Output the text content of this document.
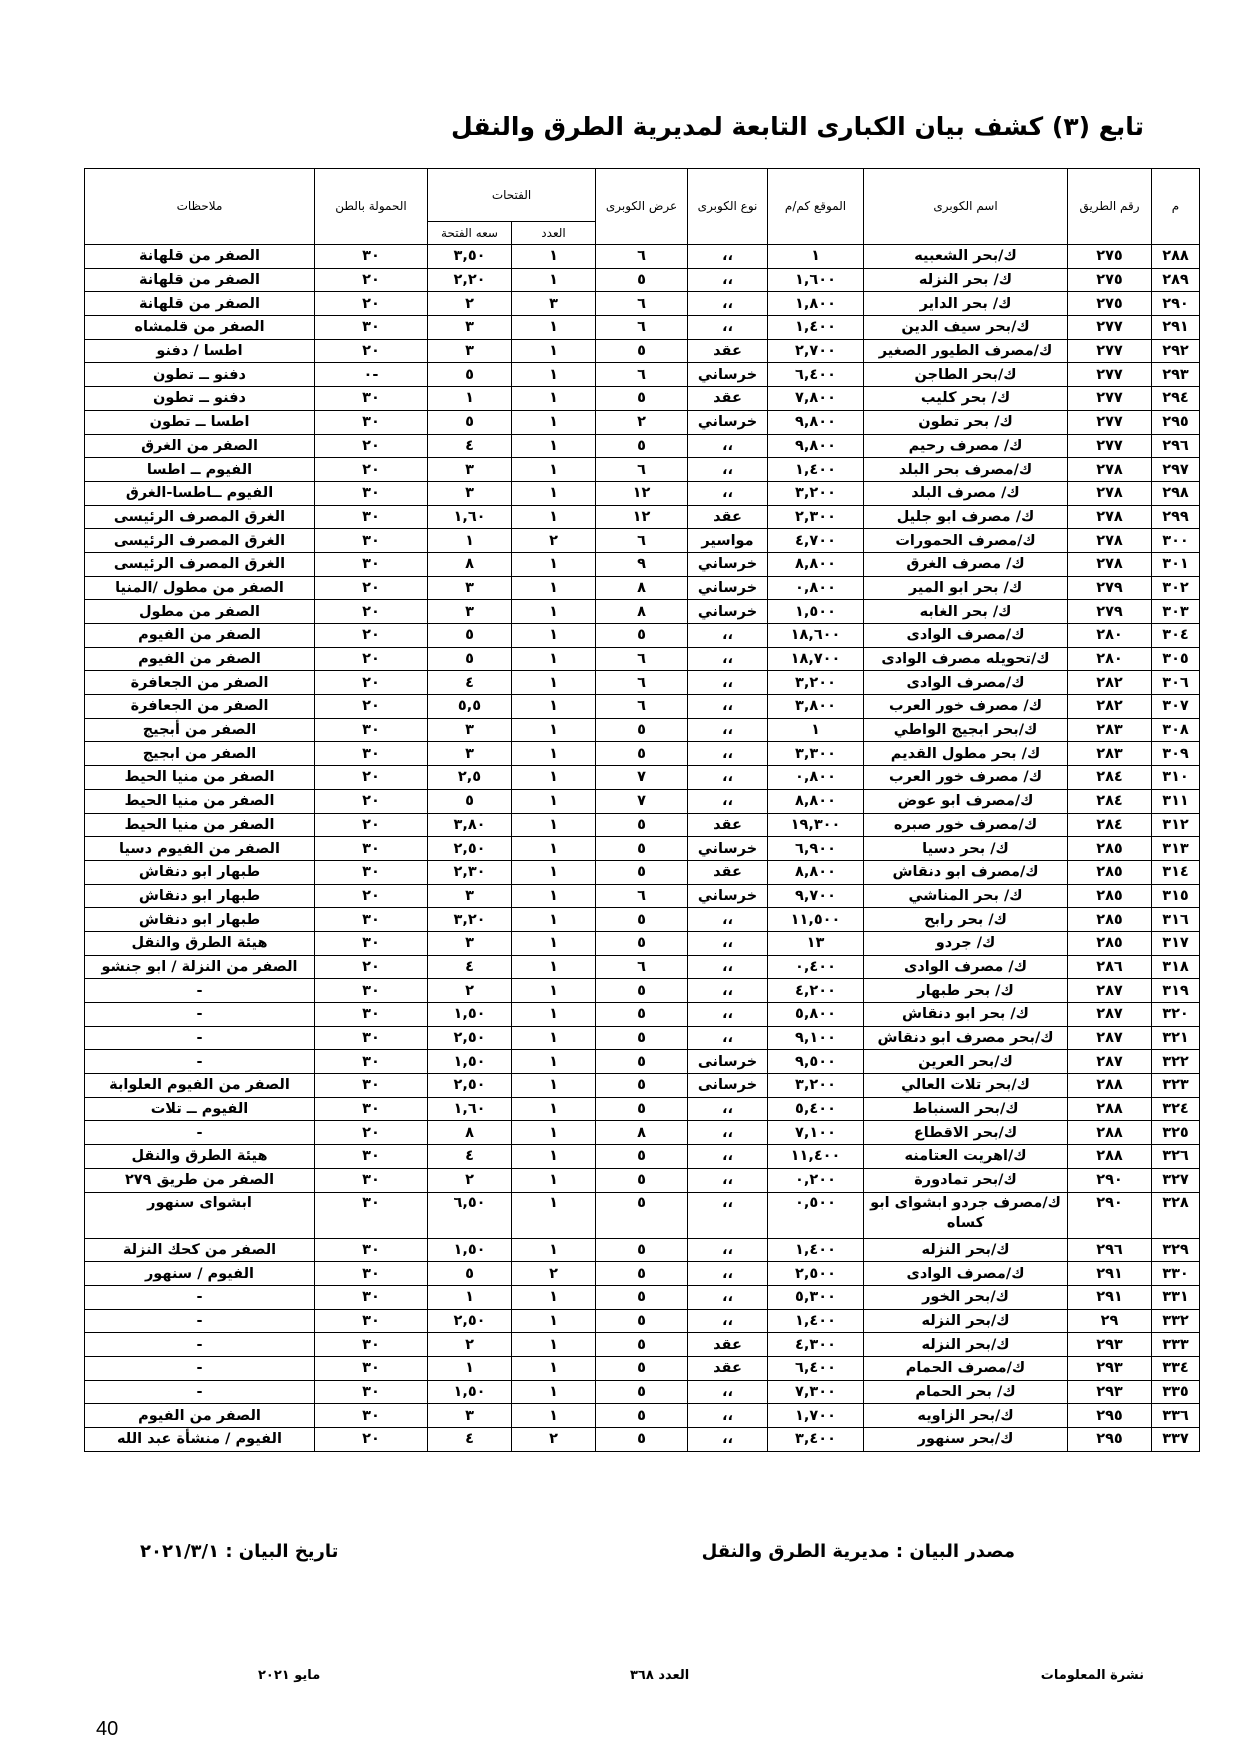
تابع (٣) كشف بيان الكبارى التابعة لمديرية الطرق والنقل
م	رقم الطريق	اسم الكوبرى	الموقع كم/م	نوع الكوبرى	عرض الكوبرى	الفتحات		الحمولة بالطن	ملاحظات
						العدد	سعه الفتحة		
٢٨٨	٢٧٥	ك/بحر الشعبيه	١	،،	٦	١	٣,٥٠	٣٠	الصفر من قلهانة
٢٨٩	٢٧٥	ك/ بحر النزله	١,٦٠٠	،،	٥	١	٢,٢٠	٢٠	الصفر من قلهانة
٢٩٠	٢٧٥	ك/ بحر الداير	١,٨٠٠	،،	٦	٣	٢	٢٠	الصفر من قلهانة
٢٩١	٢٧٧	ك/بحر سيف الدين	١,٤٠٠	،،	٦	١	٣	٣٠	الصفر من قلمشاه
٢٩٢	٢٧٧	ك/مصرف الطيور الصغير	٢,٧٠٠	عقد	٥	١	٣	٢٠	اطسا / دفنو
٢٩٣	٢٧٧	ك/بحر الطاجن	٦,٤٠٠	خرساني	٦	١	٥	-٠	دفنو ــ تطون
٢٩٤	٢٧٧	ك/ بحر كليب	٧,٨٠٠	عقد	٥	١	١	٣٠	دفنو ــ تطون
٢٩٥	٢٧٧	ك/ بحر تطون	٩,٨٠٠	خرساني	٢	١	٥	٣٠	اطسا ــ تطون
٢٩٦	٢٧٧	ك/ مصرف رحيم	٩,٨٠٠	،،	٥	١	٤	٢٠	الصفر من الغرق
٢٩٧	٢٧٨	ك/مصرف بحر البلد	١,٤٠٠	،،	٦	١	٣	٢٠	الفيوم ــ اطسا
٢٩٨	٢٧٨	ك/ مصرف البلد	٣,٢٠٠	،،	١٢	١	٣	٣٠	الفيوم ــاطسا-الغرق
٢٩٩	٢٧٨	ك/ مصرف ابو جليل	٢,٣٠٠	عقد	١٢	١	١,٦٠	٣٠	الغرق المصرف الرئيسى
٣٠٠	٢٧٨	ك/مصرف الحمورات	٤,٧٠٠	مواسير	٦	٢	١	٣٠	الغرق المصرف الرئيسى
٣٠١	٢٧٨	ك/ مصرف الغرق	٨,٨٠٠	خرساني	٩	١	٨	٣٠	الغرق المصرف الرئيسى
٣٠٢	٢٧٩	ك/ بحر ابو المير	٠,٨٠٠	خرساني	٨	١	٣	٢٠	الصفر من مطول /المنيا
٣٠٣	٢٧٩	ك/ بحر الغابه	١,٥٠٠	خرساني	٨	١	٣	٢٠	الصفر من مطول
٣٠٤	٢٨٠	ك/مصرف الوادى	١٨,٦٠٠	،،	٥	١	٥	٢٠	الصفر من الفيوم
٣٠٥	٢٨٠	ك/تحويله مصرف الوادى	١٨,٧٠٠	،،	٦	١	٥	٢٠	الصفر من الفيوم
٣٠٦	٢٨٢	ك/مصرف الوادى	٣,٢٠٠	،،	٦	١	٤	٢٠	الصفر من الجعافرة
٣٠٧	٢٨٢	ك/ مصرف خور العرب	٣,٨٠٠	،،	٦	١	٥,٥	٢٠	الصفر من الجعافرة
٣٠٨	٢٨٣	ك/بحر ابجيج الواطي	١	،،	٥	١	٣	٣٠	الصفر من أبجيج
٣٠٩	٢٨٣	ك/ بحر مطول القديم	٣,٣٠٠	،،	٥	١	٣	٣٠	الصفر من ابجيج
٣١٠	٢٨٤	ك/ مصرف خور العرب	٠,٨٠٠	،،	٧	١	٢,٥	٢٠	الصفر من منيا الحيط
٣١١	٢٨٤	ك/مصرف ابو عوض	٨,٨٠٠	،،	٧	١	٥	٢٠	الصفر من منيا الحيط
٣١٢	٢٨٤	ك/مصرف خور صبره	١٩,٣٠٠	عقد	٥	١	٣,٨٠	٢٠	الصفر من منيا الحيط
٣١٣	٢٨٥	ك/ بحر دسيا	٦,٩٠٠	خرساني	٥	١	٢,٥٠	٣٠	الصفر من الفيوم دسيا
٣١٤	٢٨٥	ك/مصرف ابو دنقاش	٨,٨٠٠	عقد	٥	١	٢,٣٠	٣٠	طبهار ابو دنقاش
٣١٥	٢٨٥	ك/ بحر المناشي	٩,٧٠٠	خرساني	٦	١	٣	٢٠	طبهار ابو دنقاش
٣١٦	٢٨٥	ك/ بحر رابح	١١,٥٠٠	،،	٥	١	٣,٢٠	٣٠	طبهار ابو دنقاش
٣١٧	٢٨٥	ك/ جردو	١٣	،،	٥	١	٣	٣٠	هيئة الطرق والنقل
٣١٨	٢٨٦	ك/ مصرف الوادى	٠,٤٠٠	،،	٦	١	٤	٢٠	الصفر من النزلة / ابو جنشو
٣١٩	٢٨٧	ك/ بحر طبهار	٤,٢٠٠	،،	٥	١	٢	٣٠	-
٣٢٠	٢٨٧	ك/ بحر ابو دنقاش	٥,٨٠٠	،،	٥	١	١,٥٠	٣٠	-
٣٢١	٢٨٧	ك/بحر مصرف ابو دنقاش	٩,١٠٠	،،	٥	١	٢,٥٠	٣٠	-
٣٢٢	٢٨٧	ك/بحر العرين	٩,٥٠٠	خرسانى	٥	١	١,٥٠	٣٠	-
٣٢٣	٢٨٨	ك/بحر تلات العالي	٣,٢٠٠	خرسانى	٥	١	٢,٥٠	٣٠	الصفر من الفيوم العلوابة
٣٢٤	٢٨٨	ك/بحر السنباط	٥,٤٠٠	،،	٥	١	١,٦٠	٣٠	الفيوم ــ تلات
٣٢٥	٢٨٨	ك/بحر الاقطاع	٧,١٠٠	،،	٨	١	٨	٢٠	-
٣٢٦	٢٨٨	ك/اهريت العتامنه	١١,٤٠٠	،،	٥	١	٤	٣٠	هيئة الطرق والنقل
٣٢٧	٢٩٠	ك/بحر تمادورة	٠,٢٠٠	،،	٥	١	٢	٣٠	الصفر من طريق ٢٧٩
٣٢٨	٢٩٠	ك/مصرف جردو ابشواى ابو كساه	٠,٥٠٠	،،	٥	١	٦,٥٠	٣٠	ابشواى سنهور
٣٢٩	٢٩٦	ك/بحر النزله	١,٤٠٠	،،	٥	١	١,٥٠	٣٠	الصفر من كحك النزلة
٣٣٠	٢٩١	ك/مصرف الوادى	٢,٥٠٠	،،	٥	٢	٥	٣٠	الفيوم / سنهور
٣٣١	٢٩١	ك/بحر الخور	٥,٣٠٠	،،	٥	١	١	٣٠	-
٣٣٢	٢٩	ك/بحر النزله	١,٤٠٠	،،	٥	١	٢,٥٠	٣٠	-
٣٣٣	٢٩٣	ك/بحر النزله	٤,٣٠٠	عقد	٥	١	٢	٣٠	-
٣٣٤	٢٩٣	ك/مصرف الحمام	٦,٤٠٠	عقد	٥	١	١	٣٠	-
٣٣٥	٢٩٣	ك/ بحر الحمام	٧,٣٠٠	،،	٥	١	١,٥٠	٣٠	-
٣٣٦	٢٩٥	ك/بحر الزاويه	١,٧٠٠	،،	٥	١	٣	٣٠	الصفر من الفيوم
٣٣٧	٢٩٥	ك/بحر سنهور	٣,٤٠٠	،،	٥	٢	٤	٢٠	الفيوم / منشأة عبد الله
مصدر البيان : مديرية الطرق والنقل
تاريخ البيان : ٢٠٢١/٣/١
نشرة المعلومات
العدد ٣٦٨
مايو ٢٠٢١
40
